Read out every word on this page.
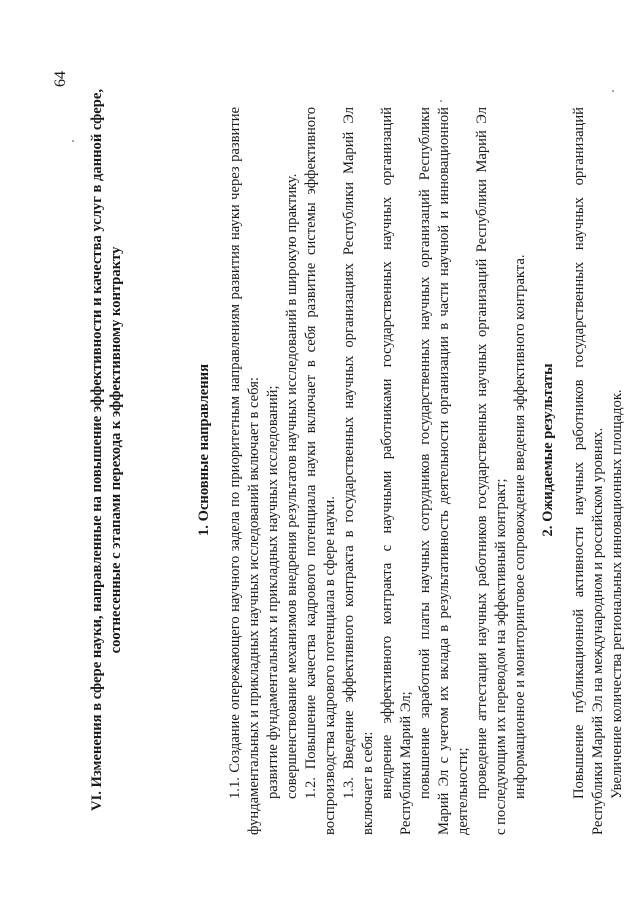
64
VI. Изменения в сфере науки, направленные на повышение эффективности и качества услуг в данной сфере, соотнесенные с этапами перехода к эффективному контракту	1. Основные направления 1.1. Создание опережающего научного задела по приоритетным направлениям развития науки через развитие фундаментальных и прикладных научных исследований включает в себя: развитие фундаментальных и прикладных научных исследований; совершенствование механизмов внедрения результатов научных исследований в широкую практику. 1.2. Повышение качества кадрового потенциала науки включает в себя развитие системы эффективного воспроизводства кадрового потенциала в сфере науки. 1.3. Введение эффективного контракта в государственных научных организациях Республики Марий Эл включает в себя: внедрение эффективного контракта с научными работниками государственных научных организаций Республики Марий Эл; повышение заработной платы научных сотрудников государственных научных организаций Республики Марий Эл с учетом их вклада в результативность деятельности организации в части научной и инновационной деятельности; проведение аттестации научных работников государственных научных организаций Республики Марий Эл с последующим их переводом на эффективный контракт; информационное и мониторинговое сопровождение введения эффективного контракта. 2. Ожидаемые результаты Повышение публикационной активности научных работников государственных научных организаций Республики Марий Эл на международном и российском уровнях. Увеличение количества региональных инновационных площадок.
